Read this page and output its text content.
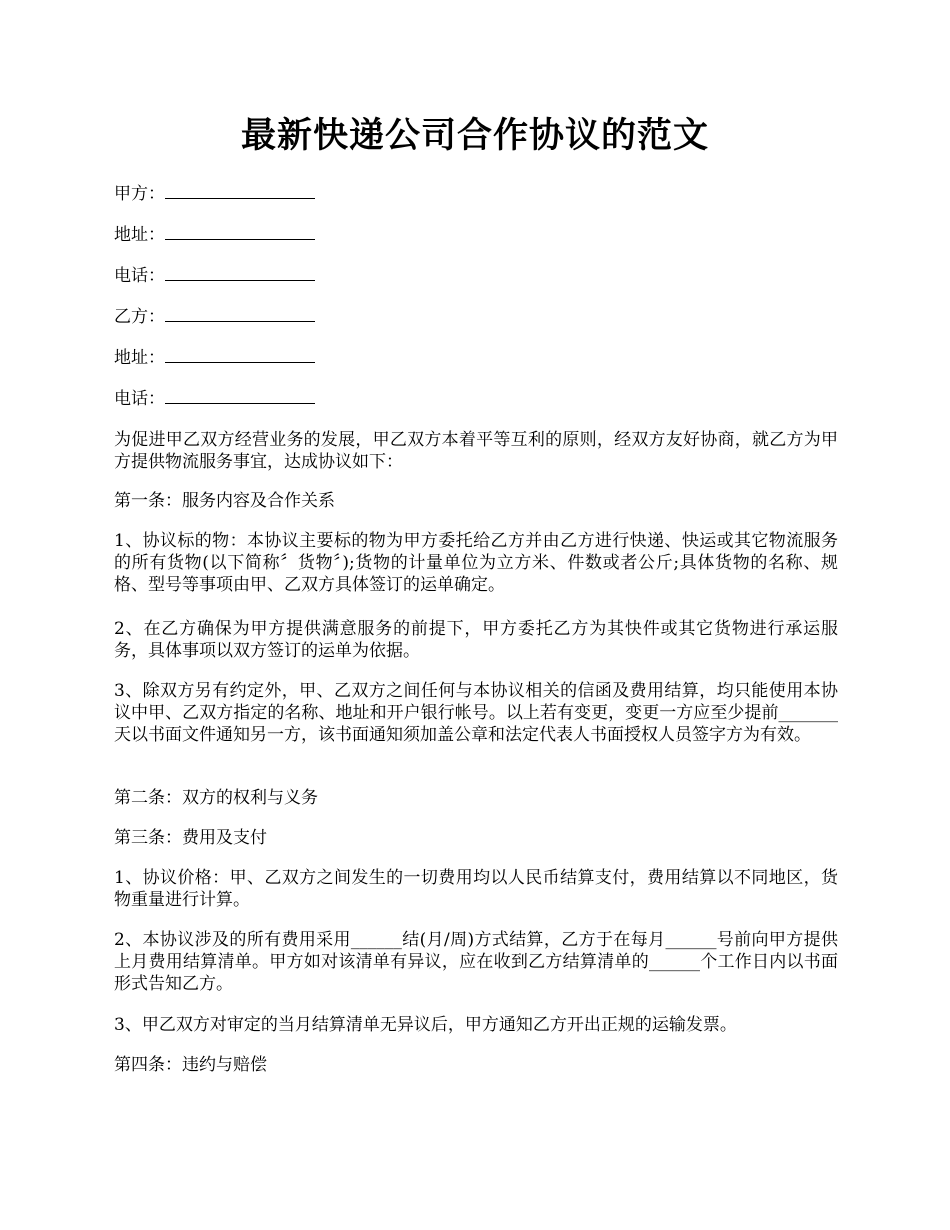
最新快递公司合作协议的范文
甲方：
地址：
电话：
乙方：
地址：
电话：

为促进甲乙双方经营业务的发展，甲乙双方本着平等互利的原则，经双方友好协商，就乙方为甲方提供物流服务事宜，达成协议如下：

第一条：服务内容及合作关系

1、协议标的物：本协议主要标的物为甲方委托给乙方并由乙方进行快递、快运或其它物流服务的所有货物(以下简称〞货物〞);货物的计量单位为立方米、件数或者公斤;具体货物的名称、规格、型号等事项由甲、乙双方具体签订的运单确定。

2、在乙方确保为甲方提供满意服务的前提下，甲方委托乙方为其快件或其它货物进行承运服务，具体事项以双方签订的运单为依据。

3、除双方另有约定外，甲、乙双方之间任何与本协议相关的信函及费用结算，均只能使用本协议中甲、乙双方指定的名称、地址和开户银行帐号。以上若有变更，变更一方应至少提前_______天以书面文件通知另一方，该书面通知须加盖公章和法定代表人书面授权人员签字方为有效。

第二条：双方的权利与义务

第三条：费用及支付

1、协议价格：甲、乙双方之间发生的一切费用均以人民币结算支付，费用结算以不同地区，货物重量进行计算。

2、本协议涉及的所有费用采用______结(月/周)方式结算，乙方于在每月______号前向甲方提供上月费用结算清单。甲方如对该清单有异议，应在收到乙方结算清单的______个工作日内以书面形式告知乙方。

3、甲乙双方对审定的当月结算清单无异议后，甲方通知乙方开出正规的运输发票。

第四条：违约与赔偿
